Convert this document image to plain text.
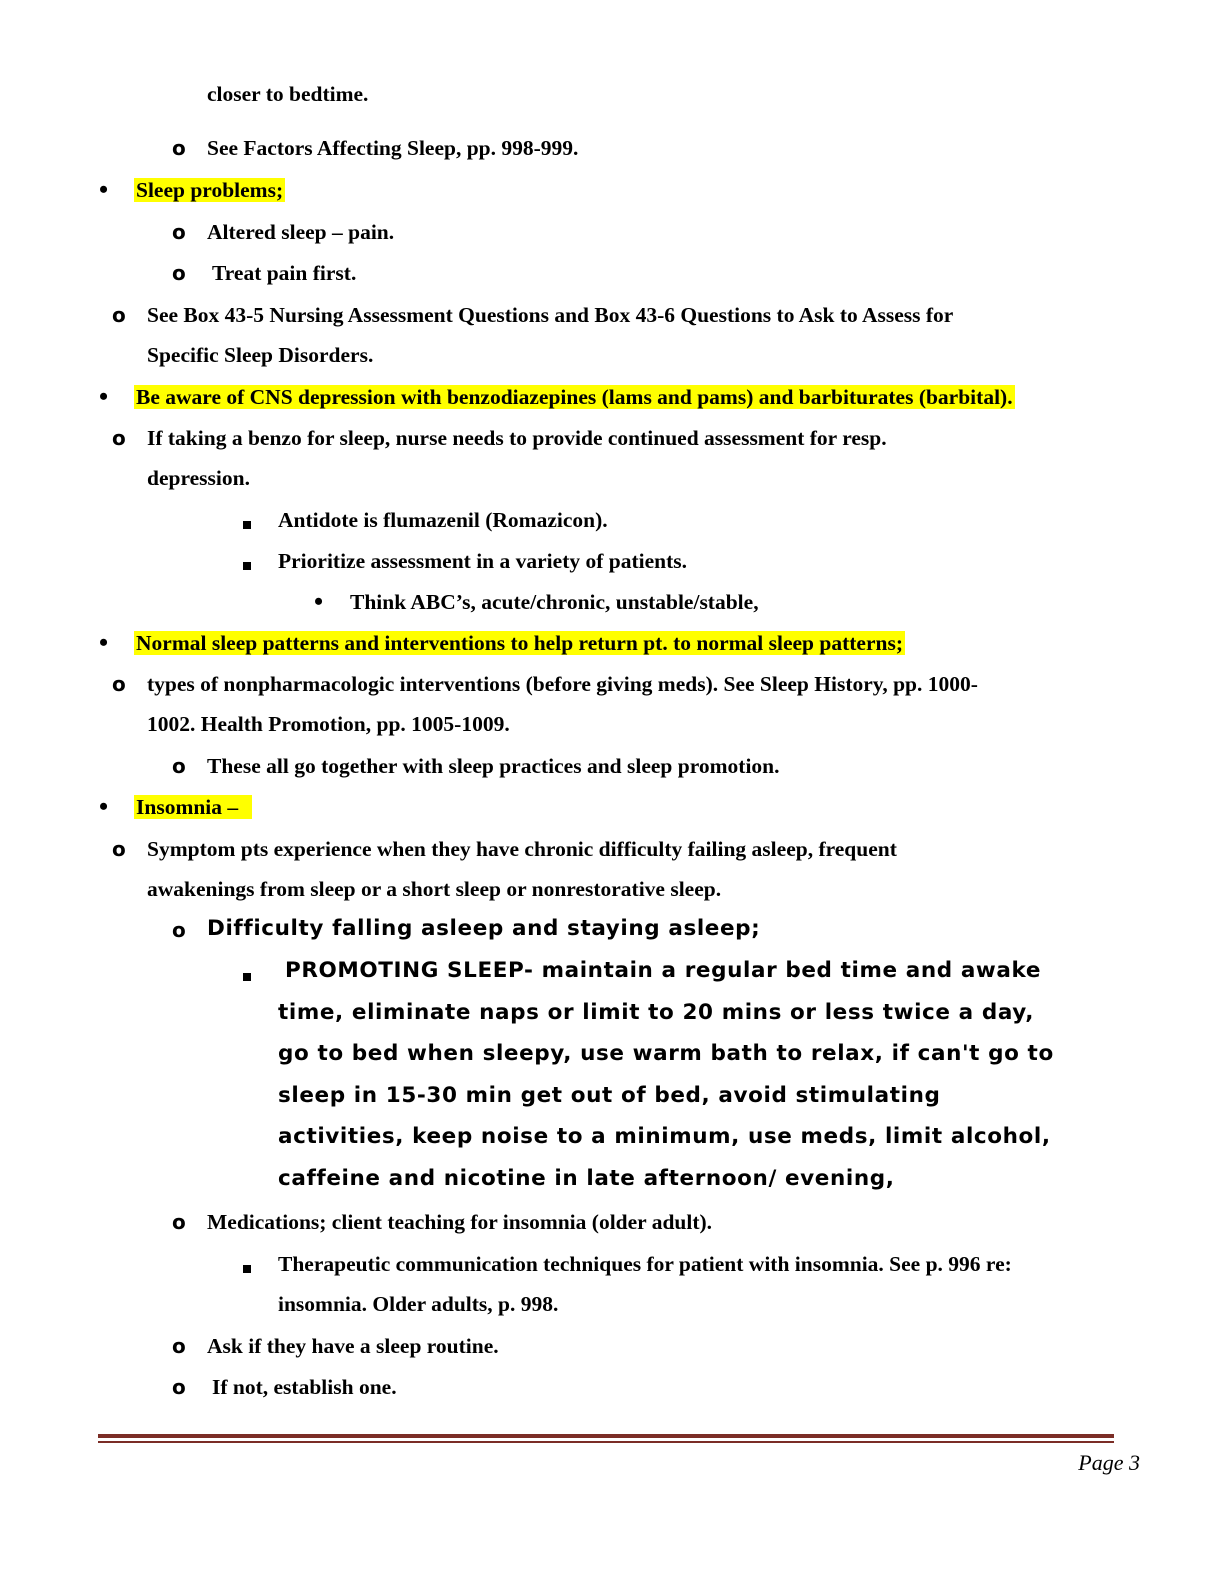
closer to bedtime.
o See Factors Affecting Sleep, pp. 998-999.
• Sleep problems;
o Altered sleep – pain.
o Treat pain first.
o See Box 43-5 Nursing Assessment Questions and Box 43-6 Questions to Ask to Assess for
Specific Sleep Disorders.
• Be aware of CNS depression with benzodiazepines (lams and pams) and barbiturates (barbital).
o If taking a benzo for sleep, nurse needs to provide continued assessment for resp.
depression.
Antidote is flumazenil (Romazicon).
Prioritize assessment in a variety of patients.
• Think ABC’s, acute/chronic, unstable/stable,
• Normal sleep patterns and interventions to help return pt. to normal sleep patterns;
o types of nonpharmacologic interventions (before giving meds). See Sleep History, pp. 1000-
1002. Health Promotion, pp. 1005-1009.
o These all go together with sleep practices and sleep promotion.
• Insomnia –
o Symptom pts experience when they have chronic difficulty failing asleep, frequent
awakenings from sleep or a short sleep or nonrestorative sleep.
o Difficulty falling asleep and staying asleep;
PROMOTING SLEEP- maintain a regular bed time and awake
time, eliminate naps or limit to 20 mins or less twice a day,
go to bed when sleepy, use warm bath to relax, if can't go to
sleep in 15-30 min get out of bed, avoid stimulating
activities, keep noise to a minimum, use meds, limit alcohol,
caffeine and nicotine in late afternoon/ evening,
o Medications; client teaching for insomnia (older adult).
Therapeutic communication techniques for patient with insomnia. See p. 996 re:
insomnia. Older adults, p. 998.
o Ask if they have a sleep routine.
o If not, establish one.
Page 3
